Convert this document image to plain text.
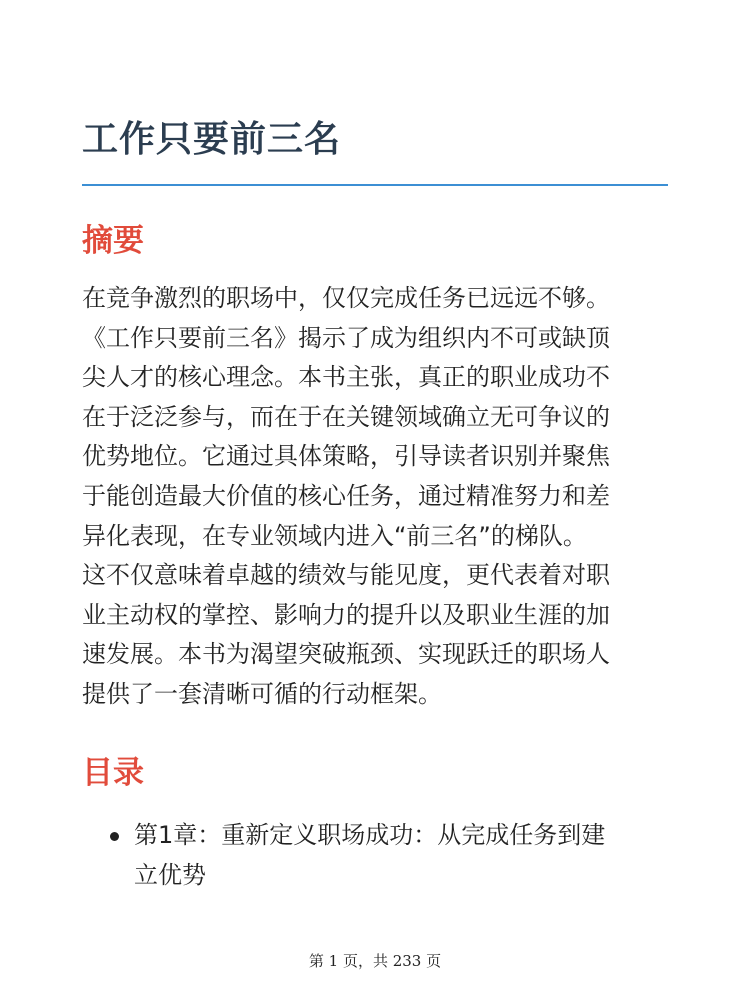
工作只要前三名
摘要

在竞争激烈的职场中，仅仅完成任务已远远不够。
《工作只要前三名》揭示了成为组织内不可或缺顶
尖人才的核心理念。本书主张，真正的职业成功不
在于泛泛参与，而在于在关键领域确立无可争议的
优势地位。它通过具体策略，引导读者识别并聚焦
于能创造最大价值的核心任务，通过精准努力和差
异化表现，在专业领域内进入“前三名”的梯队。
这不仅意味着卓越的绩效与能见度，更代表着对职
业主动权的掌控、影响力的提升以及职业生涯的加
速发展。本书为渴望突破瓶颈、实现跃迁的职场人
提供了一套清晰可循的行动框架。

目录
第1章：重新定义职场成功：从完成任务到建
立优势
第 1 页，共 233 页
